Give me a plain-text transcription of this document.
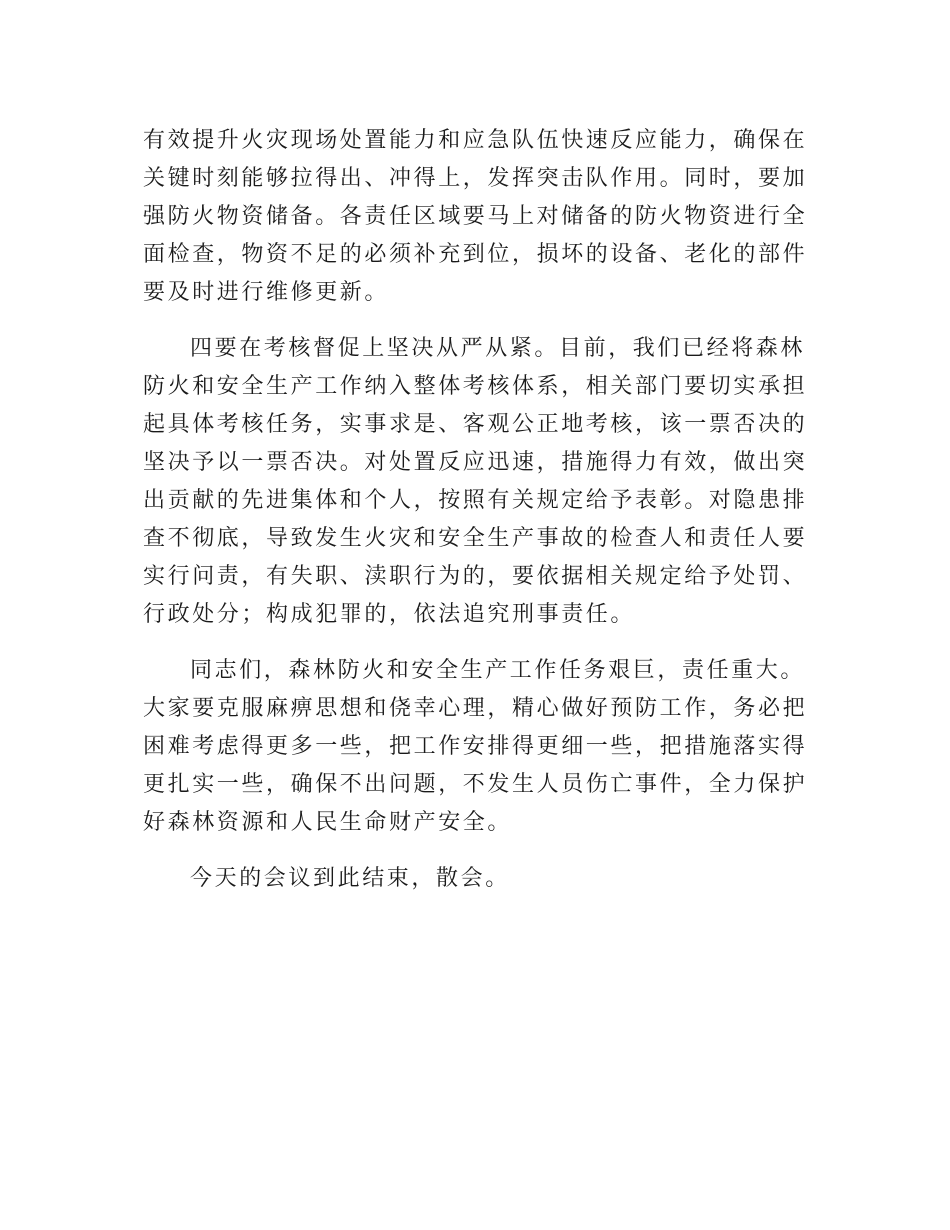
有效提升火灾现场处置能力和应急队伍快速反应能力，确保在
关键时刻能够拉得出、冲得上，发挥突击队作用。同时，要加
强防火物资储备。各责任区域要马上对储备的防火物资进行全
面检查，物资不足的必须补充到位，损坏的设备、老化的部件
要及时进行维修更新。

四要在考核督促上坚决从严从紧。目前，我们已经将森林
防火和安全生产工作纳入整体考核体系，相关部门要切实承担
起具体考核任务，实事求是、客观公正地考核，该一票否决的
坚决予以一票否决。对处置反应迅速，措施得力有效，做出突
出贡献的先进集体和个人，按照有关规定给予表彰。对隐患排
查不彻底，导致发生火灾和安全生产事故的检查人和责任人要
实行问责，有失职、渎职行为的，要依据相关规定给予处罚、
行政处分；构成犯罪的，依法追究刑事责任。

同志们，森林防火和安全生产工作任务艰巨，责任重大。
大家要克服麻痹思想和侥幸心理，精心做好预防工作，务必把
困难考虑得更多一些，把工作安排得更细一些，把措施落实得
更扎实一些，确保不出问题，不发生人员伤亡事件，全力保护
好森林资源和人民生命财产安全。

今天的会议到此结束，散会。
